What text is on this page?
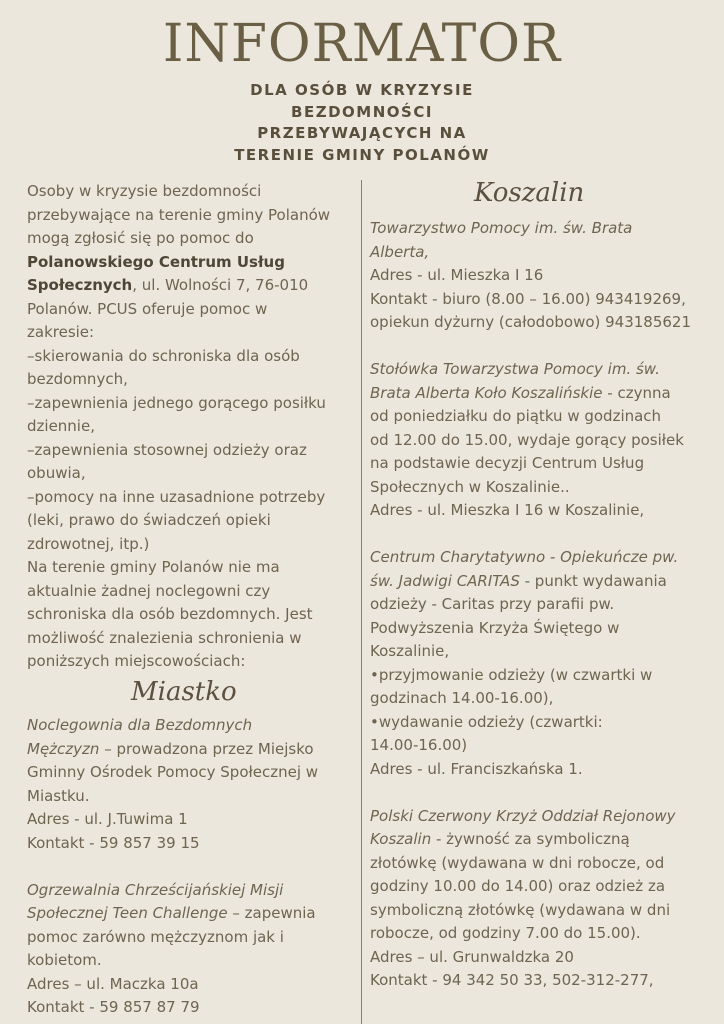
INFORMATOR
DLA OSÓB W KRYZYSIE
BEZDOMNOŚCI
PRZEBYWAJĄCYCH NA
TERENIE GMINY POLANÓW
Osoby w kryzysie bezdomności
przebywające na terenie gminy Polanów
mogą zgłosić się po pomoc do
Polanowskiego Centrum Usług
Społecznych, ul. Wolności 7, 76-010
Polanów. PCUS oferuje pomoc w
zakresie:
–skierowania do schroniska dla osób
bezdomnych,
–zapewnienia jednego gorącego posiłku
dziennie,
–zapewnienia stosownej odzieży oraz
obuwia,
–pomocy na inne uzasadnione potrzeby
(leki, prawo do świadczeń opieki
zdrowotnej, itp.)
Na terenie gminy Polanów nie ma
aktualnie żadnej noclegowni czy
schroniska dla osób bezdomnych. Jest
możliwość znalezienia schronienia w
poniższych miejscowościach:
Miastko
Noclegownia dla Bezdomnych
Mężczyzn – prowadzona przez Miejsko
Gminny Ośrodek Pomocy Społecznej w
Miastku.
Adres - ul. J.Tuwima 1
Kontakt - 59 857 39 15
Ogrzewalnia Chrześcijańskiej Misji
Społecznej Teen Challenge – zapewnia
pomoc zarówno mężczyznom jak i
kobietom.
Adres – ul. Maczka 10a
Kontakt - 59 857 87 79
Koszalin
Towarzystwo Pomocy im. św. Brata
Alberta,
Adres - ul. Mieszka I 16
Kontakt - biuro (8.00 – 16.00) 943419269,
opiekun dyżurny (całodobowo) 943185621
Stołówka Towarzystwa Pomocy im. św.
Brata Alberta Koło Koszalińskie - czynna
od poniedziałku do piątku w godzinach
od 12.00 do 15.00, wydaje gorący posiłek
na podstawie decyzji Centrum Usług
Społecznych w Koszalinie..
Adres - ul. Mieszka I 16 w Koszalinie,
Centrum Charytatywno - Opiekuńcze pw.
św. Jadwigi CARITAS - punkt wydawania
odzieży - Caritas przy parafii pw.
Podwyższenia Krzyża Świętego w
Koszalinie,
•przyjmowanie odzieży (w czwartki w
godzinach 14.00-16.00),
•wydawanie odzieży (czwartki:
14.00-16.00)
Adres - ul. Franciszkańska 1.
Polski Czerwony Krzyż Oddział Rejonowy
Koszalin - żywność za symboliczną
złotówkę (wydawana w dni robocze, od
godziny 10.00 do 14.00) oraz odzież za
symboliczną złotówkę (wydawana w dni
robocze, od godziny 7.00 do 15.00).
Adres – ul. Grunwaldzka 20
Kontakt - 94 342 50 33, 502-312-277,
